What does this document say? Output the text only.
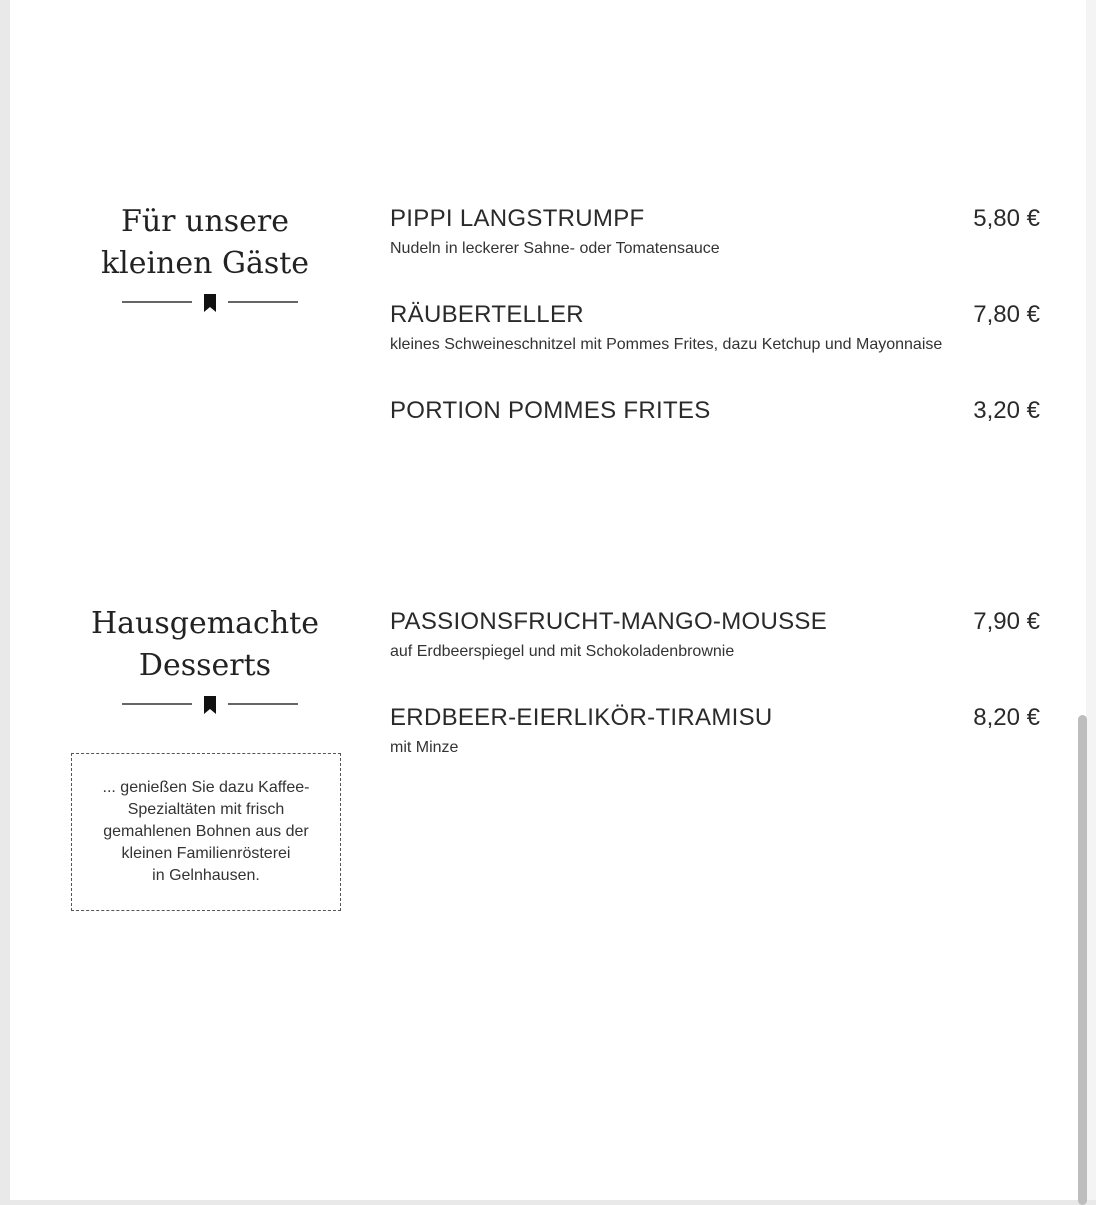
Für unsere
kleinen Gäste
PIPPI LANGSTRUMPF	5,80 €
Nudeln in leckerer Sahne- oder Tomatensauce
RÄUBERTELLER	7,80 €
kleines Schweineschnitzel mit Pommes Frites, dazu Ketchup und Mayonnaise
PORTION POMMES FRITES	3,20 €
Hausgemachte
Desserts
PASSIONSFRUCHT-MANGO-MOUSSE	7,90 €
auf Erdbeerspiegel und mit Schokoladenbrownie
ERDBEER-EIERLIKÖR-TIRAMISU	8,20 €
mit Minze
... genießen Sie dazu Kaffee-
Spezialtäten mit frisch
gemahlenen Bohnen aus der
kleinen Familienrösterei
in Gelnhausen.
